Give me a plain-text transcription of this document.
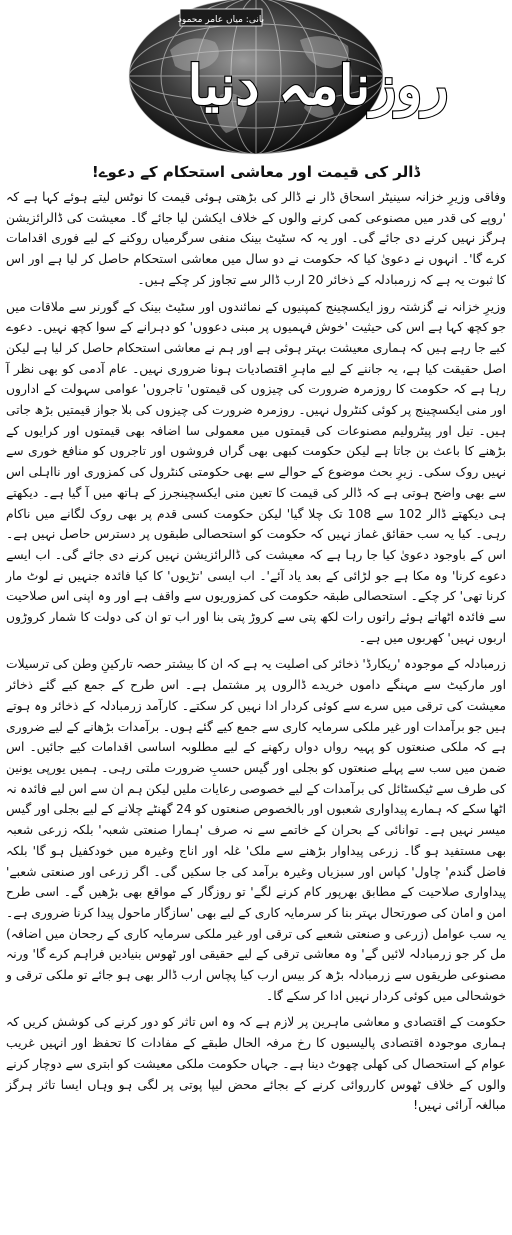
بانی: میاں عامر محمود
روزنامہ دنیا
ڈالر کی قیمت اور معاشی استحکام کے دعوے!

وفاقی وزیرِ خزانہ سینیٹر اسحاق ڈار نے ڈالر کی بڑھتی ہوئی قیمت کا نوٹس لیتے ہوئے کہا ہے کہ 'روپے کی قدر میں مصنوعی کمی کرنے والوں کے خلاف ایکشن لیا جائے گا۔ معیشت کی ڈالرائزیشن ہرگز نہیں کرنے دی جائے گی۔ اور یہ کہ سٹیٹ بینک منفی سرگرمیاں روکنے کے لیے فوری اقدامات کرے گا'۔ انہوں نے دعویٰ کیا کہ حکومت نے دو سال میں معاشی استحکام حاصل کر لیا ہے اور اس کا ثبوت یہ ہے کہ زرمبادلہ کے ذخائر 20 ارب ڈالر سے تجاوز کر چکے ہیں۔

وزیرِ خزانہ نے گزشتہ روز ایکسچینج کمپنیوں کے نمائندوں اور سٹیٹ بینک کے گورنر سے ملاقات میں جو کچھ کہا ہے اس کی حیثیت 'خوش فہمیوں پر مبنی دعووں' کو دہرانے کے سوا کچھ نہیں۔ دعوے کیے جا رہے ہیں کہ ہماری معیشت بہتر ہوئی ہے اور ہم نے معاشی استحکام حاصل کر لیا ہے لیکن اصل حقیقت کیا ہے، یہ جاننے کے لیے ماہرِ اقتصادیات ہونا ضروری نہیں۔ عام آدمی کو بھی نظر آ رہا ہے کہ حکومت کا روزمرہ ضرورت کی چیزوں کی قیمتوں' تاجروں' عوامی سہولت کے اداروں اور منی ایکسچینج پر کوئی کنٹرول نہیں۔ روزمرہ ضرورت کی چیزوں کی بلا جواز قیمتیں بڑھ جاتی ہیں۔ تیل اور پیٹرولیم مصنوعات کی قیمتوں میں معمولی سا اضافہ بھی قیمتوں اور کرایوں کے بڑھنے کا باعث بن جاتا ہے لیکن حکومت کبھی بھی گراں فروشوں اور تاجروں کو منافع خوری سے نہیں روک سکی۔ زیرِ بحث موضوع کے حوالے سے بھی حکومتی کنٹرول کی کمزوری اور نااہلی اس سے بھی واضح ہوتی ہے کہ ڈالر کی قیمت کا تعین منی ایکسچینجرز کے ہاتھ میں آ گیا ہے۔ دیکھتے ہی دیکھتے ڈالر 102 سے 108 تک چلا گیا' لیکن حکومت کسی قدم پر بھی روک لگانے میں ناکام رہی۔ کیا یہ سب حقائق غماز نہیں کہ حکومت کو استحصالی طبقوں پر دسترس حاصل نہیں ہے۔ اس کے باوجود دعویٰ کیا جا رہا ہے کہ معیشت کی ڈالرائزیشن نہیں کرنے دی جائے گی۔ اب ایسے دعوے کرنا' وہ مکا ہے جو لڑائی کے بعد یاد آئے'۔ اب ایسی 'تڑیوں' کا کیا فائدہ جنہیں نے لوٹ مار کرنا تھی' کر چکے۔ استحصالی طبقہ حکومت کی کمزوریوں سے واقف ہے اور وہ اپنی اس صلاحیت سے فائدہ اٹھاتے ہوئے راتوں رات لکھ پتی سے کروڑ پتی بنا اور اب تو ان کی دولت کا شمار کروڑوں اربوں نہیں' کھربوں میں ہے۔

زرمبادلہ کے موجودہ 'ریکارڈ' ذخائر کی اصلیت یہ ہے کہ ان کا بیشتر حصہ تارکینِ وطن کی ترسیلات اور مارکیٹ سے مہنگے داموں خریدے ڈالروں پر مشتمل ہے۔ اس طرح کے جمع کیے گئے ذخائر معیشت کی ترقی میں سرے سے کوئی کردار ادا نہیں کر سکتے۔ کارآمد زرمبادلہ کے ذخائر وہ ہوتے ہیں جو برآمدات اور غیر ملکی سرمایہ کاری سے جمع کیے گئے ہوں۔ برآمدات بڑھانے کے لیے ضروری ہے کہ ملکی صنعتوں کو پہیہ رواں دواں رکھنے کے لیے مطلوبہ اساسی اقدامات کیے جائیں۔ اس ضمن میں سب سے پہلے صنعتوں کو بجلی اور گیس حسبِ ضرورت ملتی رہی۔ ہمیں یورپی یونین کی طرف سے ٹیکسٹائل کی برآمدات کے لیے خصوصی رعایات ملیں لیکن ہم ان سے اس لیے فائدہ نہ اٹھا سکے کہ ہمارے پیداواری شعبوں اور بالخصوص صنعتوں کو 24 گھنٹے چلانے کے لیے بجلی اور گیس میسر نہیں ہے۔ توانائی کے بحران کے خاتمے سے نہ صرف 'ہمارا صنعتی شعبہ' بلکہ زرعی شعبہ بھی مستفید ہو گا۔ زرعی پیداوار بڑھنے سے ملک' غلہ اور اناج وغیرہ میں خودکفیل ہو گا' بلکہ فاضل گندم' چاول' کپاس اور سبزیاں وغیرہ برآمد کی جا سکیں گی۔ اگر زرعی اور صنعتی شعبے' پیداواری صلاحیت کے مطابق بھرپور کام کرنے لگے' تو روزگار کے مواقع بھی بڑھیں گے۔ اسی طرح امن و امان کی صورتحال بہتر بنا کر سرمایہ کاری کے لیے بھی 'سازگار ماحول پیدا کرنا ضروری ہے۔ یہ سب عوامل (زرعی و صنعتی شعبے کی ترقی اور غیر ملکی سرمایہ کاری کے رجحان میں اضافہ) مل کر جو زرمبادلہ لائیں گے' وہ معاشی ترقی کے لیے حقیقی اور ٹھوس بنیادیں فراہم کرے گا' ورنہ مصنوعی طریقوں سے زرمبادلہ بڑھ کر بیس ارب کیا پچاس ارب ڈالر بھی ہو جائے تو ملکی ترقی و خوشحالی میں کوئی کردار نہیں ادا کر سکے گا۔

حکومت کے اقتصادی و معاشی ماہرین پر لازم ہے کہ وہ اس تاثر کو دور کرنے کی کوشش کریں کہ ہماری موجودہ اقتصادی پالیسیوں کا رخ مرفہ الحال طبقے کے مفادات کا تحفظ اور انہیں غریب عوام کے استحصال کی کھلی چھوٹ دینا ہے۔ جہاں حکومت ملکی معیشت کو ابتری سے دوچار کرنے والوں کے خلاف ٹھوس کارروائی کرنے کے بجائے محض لیپا پوتی پر لگی ہو وہاں ایسا تاثر ہرگز مبالغہ آرائی نہیں!
